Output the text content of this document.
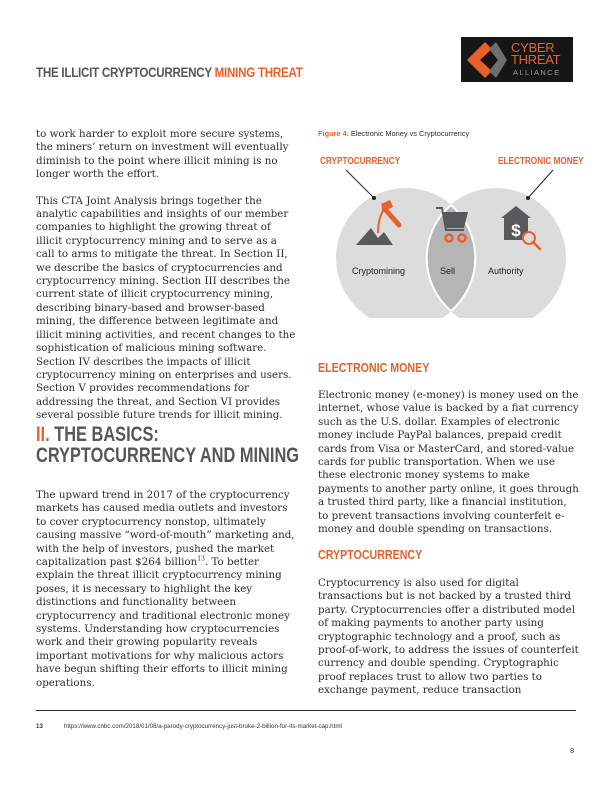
THE ILLICIT CRYPTOCURRENCY MINING THREAT
CYBER
THREAT
ALLIANCE

to work harder to exploit more secure systems, the miners’ return on investment will eventually diminish to the point where illicit mining is no longer worth the effort.

This CTA Joint Analysis brings together the analytic capabilities and insights of our member companies to highlight the growing threat of illicit cryptocurrency mining and to serve as a call to arms to mitigate the threat. In Section II, we describe the basics of cryptocurrencies and cryptocurrency mining. Section III describes the current state of illicit cryptocurrency mining, describing binary-based and browser-based mining, the difference between legitimate and illicit mining activities, and recent changes to the sophistication of malicious mining software. Section IV describes the impacts of illicit cryptocurrency mining on enterprises and users. Section V provides recommendations for addressing the threat, and Section VI provides several possible future trends for illicit mining.

II. THE BASICS:
CRYPTOCURRENCY AND MINING

The upward trend in 2017 of the cryptocurrency markets has caused media outlets and investors to cover cryptocurrency nonstop, ultimately causing massive “word-of-mouth” marketing and, with the help of investors, pushed the market capitalization past $264 billion$^{13}$. To better explain the threat illicit cryptocurrency mining poses, it is necessary to highlight the key distinctions and functionality between cryptocurrency and traditional electronic money systems. Understanding how cryptocurrencies work and their growing popularity reveals important motivations for why malicious actors have begun shifting their efforts to illicit mining operations.

Figure 4. Electronic Money vs Cryptocurrency
$
CRYPTOCURRENCY	ELECTRONIC MONEY
Cryptomining	Sell	Authority
ELECTRONIC MONEY

Electronic money (e-money) is money used on the internet, whose value is backed by a fiat currency such as the U.S. dollar. Examples of electronic money include PayPal balances, prepaid credit cards from Visa or MasterCard, and stored-value cards for public transportation. When we use these electronic money systems to make payments to another party online, it goes through a trusted third party, like a financial institution, to prevent transactions involving counterfeit e-money and double spending on transactions.

CRYPTOCURRENCY

Cryptocurrency is also used for digital transactions but is not backed by a trusted third party. Cryptocurrencies offer a distributed model of making payments to another party using cryptographic technology and a proof, such as proof-of-work, to address the issues of counterfeit currency and double spending. Cryptographic proof replaces trust to allow two parties to exchange payment, reduce transaction

13	https://www.cnbc.com/2018/01/08/a-parody-cryptocurrency-just-broke-2-billion-for-its-market-cap.html
8
